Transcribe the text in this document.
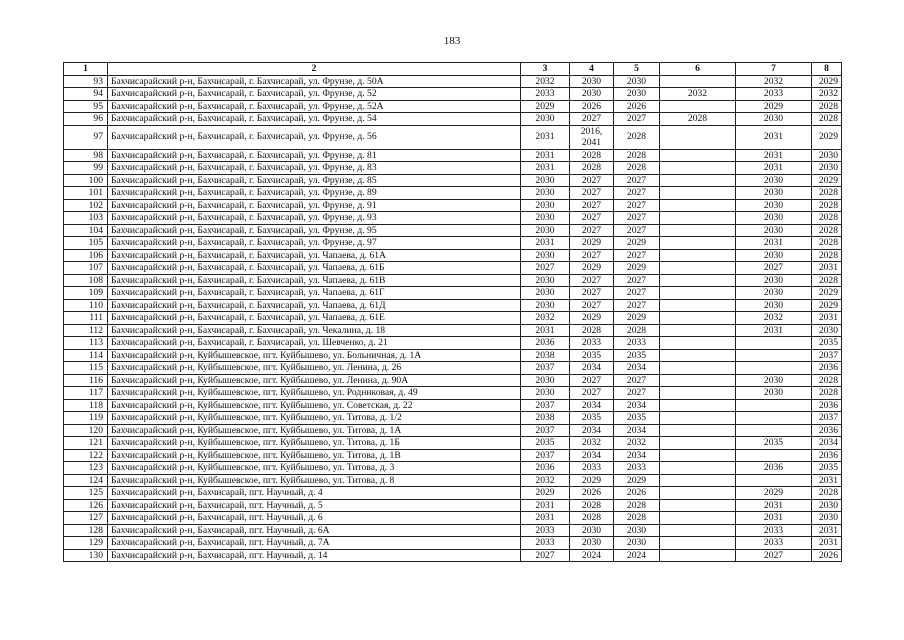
183
1	2	3	4	5	6	7	8
93	Бахчисарайский р-н, Бахчисарай, г. Бахчисарай, ул. Фрунзе, д. 50А	2032	2030	2030		2032	2029
94	Бахчисарайский р-н, Бахчисарай, г. Бахчисарай, ул. Фрунзе, д. 52	2033	2030	2030	2032	2033	2032
95	Бахчисарайский р-н, Бахчисарай, г. Бахчисарай, ул. Фрунзе, д. 52А	2029	2026	2026		2029	2028
96	Бахчисарайский р-н, Бахчисарай, г. Бахчисарай, ул. Фрунзе, д. 54	2030	2027	2027	2028	2030	2028
97	Бахчисарайский р-н, Бахчисарай, г. Бахчисарай, ул. Фрунзе, д. 56	2031	2016, 2041	2028		2031	2029
98	Бахчисарайский р-н, Бахчисарай, г. Бахчисарай, ул. Фрунзе, д. 81	2031	2028	2028		2031	2030
99	Бахчисарайский р-н, Бахчисарай, г. Бахчисарай, ул. Фрунзе, д. 83	2031	2028	2028		2031	2030
100	Бахчисарайский р-н, Бахчисарай, г. Бахчисарай, ул. Фрунзе, д. 85	2030	2027	2027		2030	2029
101	Бахчисарайский р-н, Бахчисарай, г. Бахчисарай, ул. Фрунзе, д. 89	2030	2027	2027		2030	2028
102	Бахчисарайский р-н, Бахчисарай, г. Бахчисарай, ул. Фрунзе, д. 91	2030	2027	2027		2030	2028
103	Бахчисарайский р-н, Бахчисарай, г. Бахчисарай, ул. Фрунзе, д. 93	2030	2027	2027		2030	2028
104	Бахчисарайский р-н, Бахчисарай, г. Бахчисарай, ул. Фрунзе, д. 95	2030	2027	2027		2030	2028
105	Бахчисарайский р-н, Бахчисарай, г. Бахчисарай, ул. Фрунзе, д. 97	2031	2029	2029		2031	2028
106	Бахчисарайский р-н, Бахчисарай, г. Бахчисарай, ул. Чапаева, д. 61А	2030	2027	2027		2030	2028
107	Бахчисарайский р-н, Бахчисарай, г. Бахчисарай, ул. Чапаева, д. 61Б	2027	2029	2029		2027	2031
108	Бахчисарайский р-н, Бахчисарай, г. Бахчисарай, ул. Чапаева, д. 61В	2030	2027	2027		2030	2028
109	Бахчисарайский р-н, Бахчисарай, г. Бахчисарай, ул. Чапаева, д. 61Г	2030	2027	2027		2030	2029
110	Бахчисарайский р-н, Бахчисарай, г. Бахчисарай, ул. Чапаева, д. 61Д	2030	2027	2027		2030	2029
111	Бахчисарайский р-н, Бахчисарай, г. Бахчисарай, ул. Чапаева, д. 61Е	2032	2029	2029		2032	2031
112	Бахчисарайский р-н, Бахчисарай, г. Бахчисарай, ул. Чекалина, д. 18	2031	2028	2028		2031	2030
113	Бахчисарайский р-н, Бахчисарай, г. Бахчисарай, ул. Шевченко, д. 21	2036	2033	2033			2035
114	Бахчисарайский р-н, Куйбышевское, пгт. Куйбышево, ул. Больничная, д. 1А	2038	2035	2035			2037
115	Бахчисарайский р-н, Куйбышевское, пгт. Куйбышево, ул. Ленина, д. 26	2037	2034	2034			2036
116	Бахчисарайский р-н, Куйбышевское, пгт. Куйбышево, ул. Ленина, д. 90А	2030	2027	2027		2030	2028
117	Бахчисарайский р-н, Куйбышевское, пгт. Куйбышево, ул. Родниковая, д. 49	2030	2027	2027		2030	2028
118	Бахчисарайский р-н, Куйбышевское, пгт. Куйбышево, ул. Советская, д. 22	2037	2034	2034			2036
119	Бахчисарайский р-н, Куйбышевское, пгт. Куйбышево, ул. Титова, д. 1/2	2038	2035	2035			2037
120	Бахчисарайский р-н, Куйбышевское, пгт. Куйбышево, ул. Титова, д. 1А	2037	2034	2034			2036
121	Бахчисарайский р-н, Куйбышевское, пгт. Куйбышево, ул. Титова, д. 1Б	2035	2032	2032		2035	2034
122	Бахчисарайский р-н, Куйбышевское, пгт. Куйбышево, ул. Титова, д. 1В	2037	2034	2034			2036
123	Бахчисарайский р-н, Куйбышевское, пгт. Куйбышево, ул. Титова, д. 3	2036	2033	2033		2036	2035
124	Бахчисарайский р-н, Куйбышевское, пгт. Куйбышево, ул. Титова, д. 8	2032	2029	2029			2031
125	Бахчисарайский р-н, Бахчисарай, пгт. Научный, д. 4	2029	2026	2026		2029	2028
126	Бахчисарайский р-н, Бахчисарай, пгт. Научный, д. 5	2031	2028	2028		2031	2030
127	Бахчисарайский р-н, Бахчисарай, пгт. Научный, д. 6	2031	2028	2028		2031	2030
128	Бахчисарайский р-н, Бахчисарай, пгт. Научный, д. 6А	2033	2030	2030		2033	2031
129	Бахчисарайский р-н, Бахчисарай, пгт. Научный, д. 7А	2033	2030	2030		2033	2031
130	Бахчисарайский р-н, Бахчисарай, пгт. Научный, д. 14	2027	2024	2024		2027	2026
